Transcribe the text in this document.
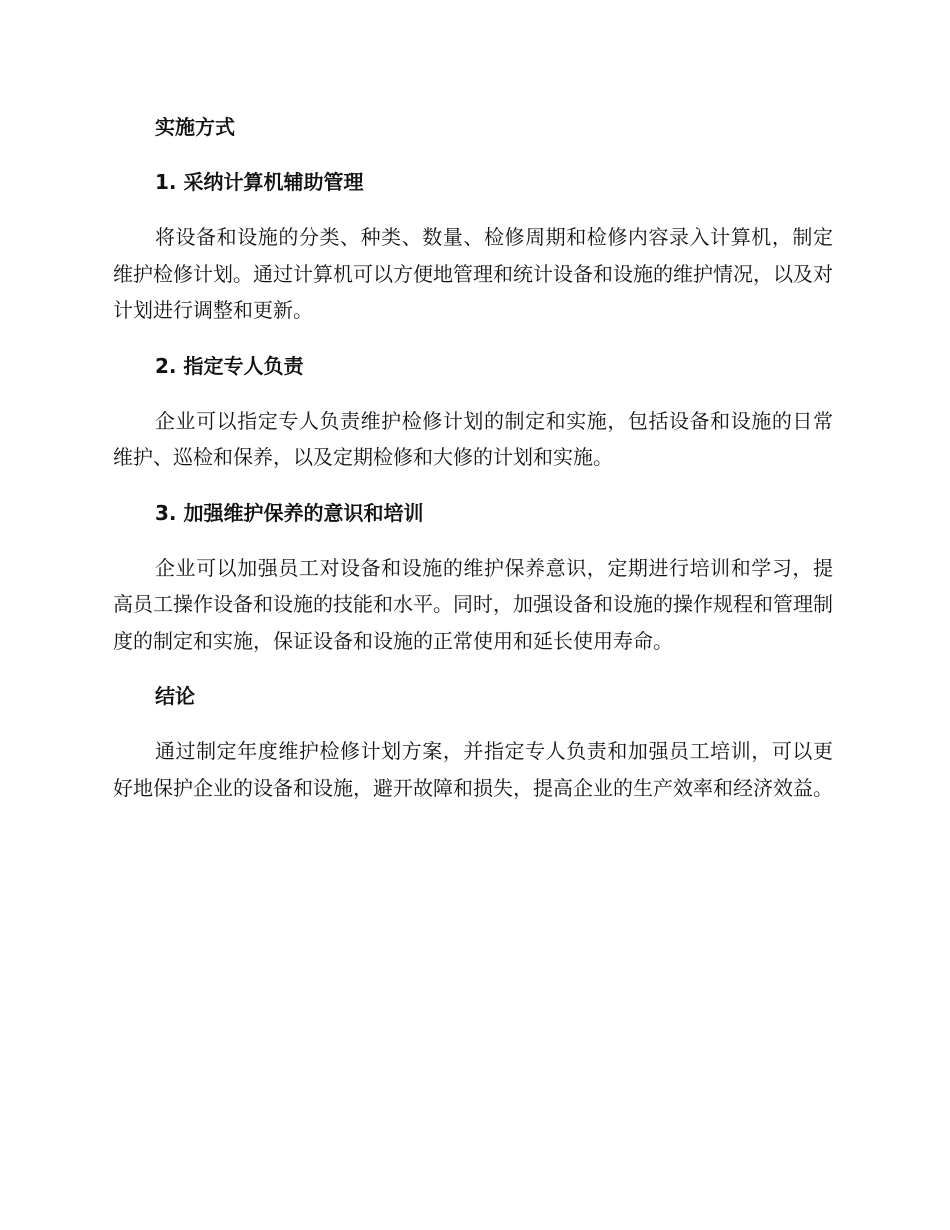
实施方式

1. 采纳计算机辅助管理

将设备和设施的分类、种类、数量、检修周期和检修内容录入计算机，制定维护检修计划。通过计算机可以方便地管理和统计设备和设施的维护情况，以及对计划进行调整和更新。

2. 指定专人负责

企业可以指定专人负责维护检修计划的制定和实施，包括设备和设施的日常维护、巡检和保养，以及定期检修和大修的计划和实施。

3. 加强维护保养的意识和培训

企业可以加强员工对设备和设施的维护保养意识，定期进行培训和学习，提高员工操作设备和设施的技能和水平。同时，加强设备和设施的操作规程和管理制度的制定和实施，保证设备和设施的正常使用和延长使用寿命。

结论

通过制定年度维护检修计划方案，并指定专人负责和加强员工培训，可以更好地保护企业的设备和设施，避开故障和损失，提高企业的生产效率和经济效益。
